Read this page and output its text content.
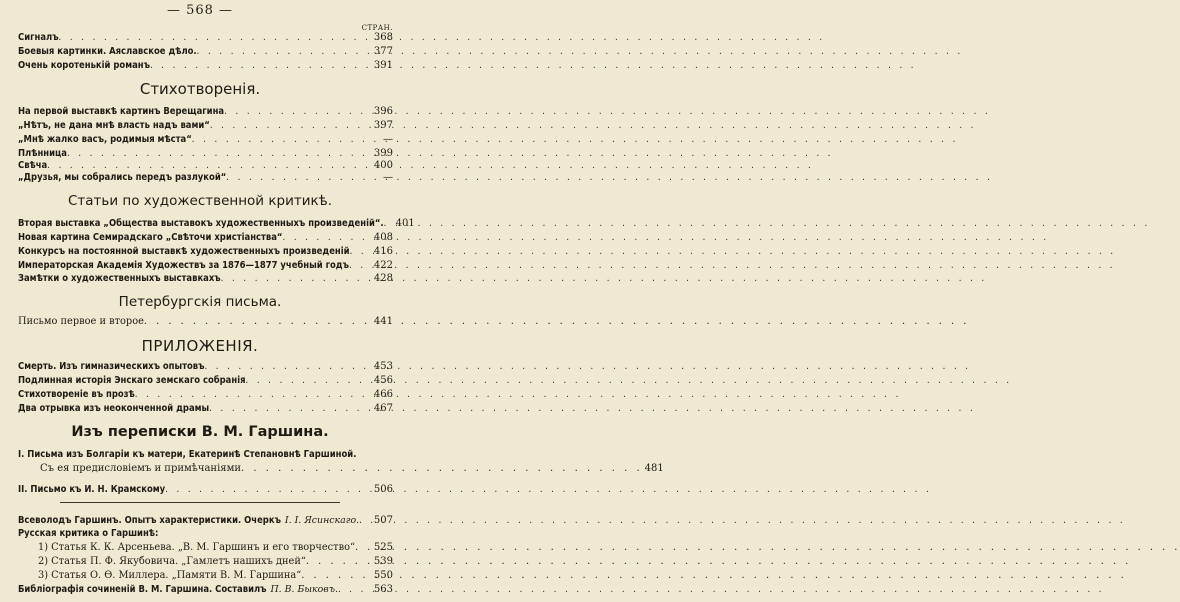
— 568 —
СТРАН.
Сигналъ . . .	368
Боевыя картинки. Аяславское дѣло. . . .	377
Очень коротенькій романъ . . .	391
Стихотворенія.
На первой выставкѣ картинъ Верещагина . . .	396
„Нѣтъ, не дана мнѣ власть надъ вами“ . . .	397
„Мнѣ жалко васъ, родимыя мѣста“ . . .	—
Плѣнница . . .	399
Свѣча . . .	400
„Друзья, мы собрались передъ разлукой“ . . .	—
Статьи по художественной критикѣ.
Вторая выставка „Общества выставокъ художественныхъ произведеній“. . . . 401
Новая картина Семирадскаго „Свѣточи христіанства“ . . .	408
Конкурсъ на постоянной выставкѣ художественныхъ произведеній . . . 416
Императорская Академія Художествъ за 1876—1877 учебный годъ . . . 422
Замѣтки о художественныхъ выставкахъ . . .	428
Петербургскія письма.
Письмо первое и второе . . .	441
ПРИЛОЖЕНІЯ.
Смерть. Изъ гимназическихъ опытовъ . . .	453
Подлинная исторія Энскаго земскаго собранія . . .	456
Стихотвореніе въ прозѣ . . .	466
Два отрывка изъ неоконченной драмы . . .	467
Изъ переписки В. М. Гаршина.
I. Письма изъ Болгаріи къ матери, Екатеринѣ Степановнѣ Гаршиной.
Съ ея предисловіемъ и примѣчаніями . . . . . . . . . . . . . . . . . . . . . . . . . . . . . . . . . 481
II. Письмо къ И. Н. Крамскому . . .	506
Всеволодъ Гаршинъ. Опытъ характеристики. Очеркъ І. І. Ясинскаго. . . . 507
Русская критика о Гаршинѣ:
1) Статья К. К. Арсеньева. „В. М. Гаршинъ и его творчество“ . . . 525
2) Статья П. Ф. Якубовича. „Гамлетъ нашихъ дней“ . . .	539
3) Статья О. Ѳ. Миллера. „Памяти В. М. Гаршина“ . . .	550
Библіографія сочиненій В. М. Гаршина. Составилъ П. В. Быковъ. . . .	563
